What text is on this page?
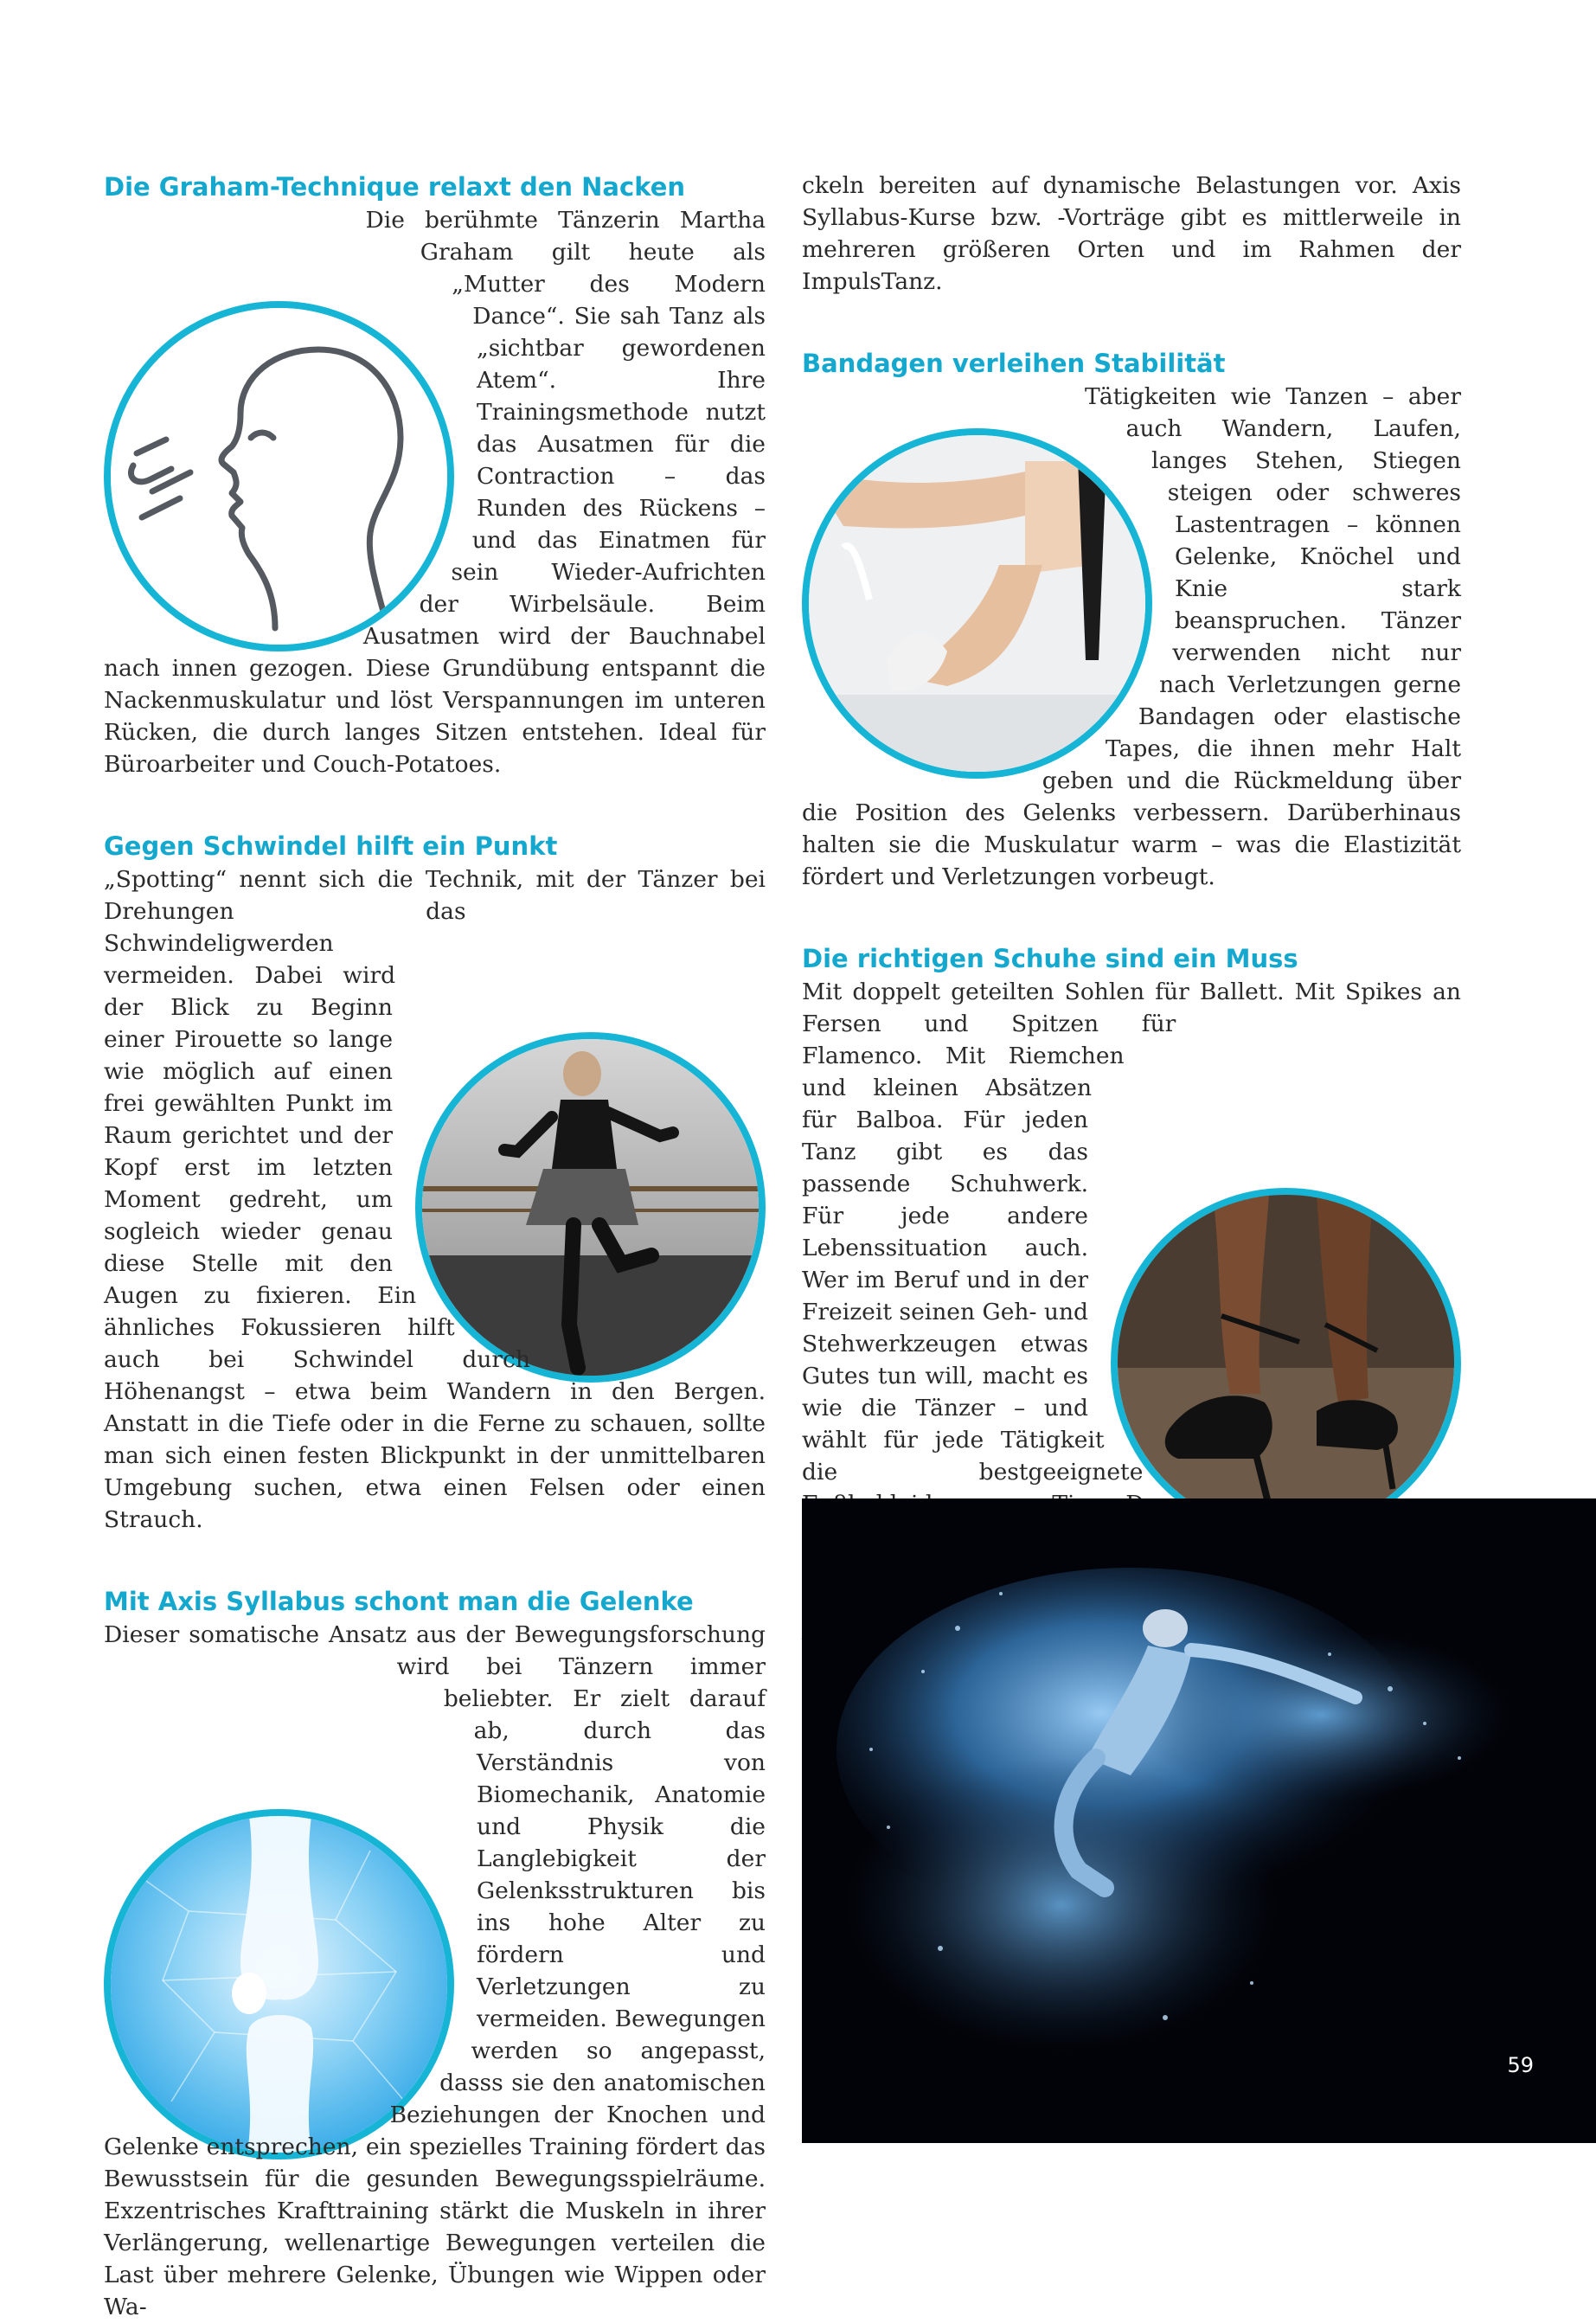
Die Graham-Technique relaxt den Nacken

Die berühmte Tänzerin Martha Graham gilt heute als „Mutter des Modern Dance“. Sie sah Tanz als „sichtbar gewordenen Atem“. Ihre Trainingsmethode nutzt das Ausatmen für die Contraction – das Runden des Rückens – und das Einatmen für sein Wieder-Aufrichten der Wirbelsäule. Beim Ausatmen wird der Bauchnabel nach innen gezogen. Diese Grundübung entspannt die Nackenmuskulatur und löst Verspannungen im unteren Rücken, die durch langes Sitzen entstehen. Ideal für Büroarbeiter und Couch-Potatoes.

Gegen Schwindel hilft ein Punkt

„Spotting“ nennt sich die Technik, mit der Tänzer bei Drehungen das Schwindeligwerden vermeiden. Dabei wird der Blick zu Beginn einer Pirouette so lange wie möglich auf einen frei gewählten Punkt im Raum gerichtet und der Kopf erst im letzten Moment gedreht, um sogleich wieder genau diese Stelle mit den Augen zu fixieren. Ein ähnliches Fokussieren hilft auch bei Schwindel durch Höhenangst – etwa beim Wandern in den Bergen. Anstatt in die Tiefe oder in die Ferne zu schauen, sollte man sich einen festen Blickpunkt in der unmittelbaren Umgebung suchen, etwa einen Felsen oder einen Strauch.

Mit Axis Syllabus schont man die Gelenke

Dieser somatische Ansatz aus der Bewegungsforschung wird bei Tänzern immer beliebter. Er zielt darauf ab, durch das Verständnis von Biomechanik, Anatomie und Physik die Langlebigkeit der Gelenksstrukturen bis ins hohe Alter zu fördern und Verletzungen zu vermeiden. Bewegungen werden so angepasst, dasss sie den anatomischen Beziehungen der Knochen und Gelenke entsprechen, ein spezielles Training fördert das Bewusstsein für die gesunden Bewegungsspielräume. Exzentrisches Krafttraining stärkt die Muskeln in ihrer Verlängerung, wellenartige Bewegungen verteilen die Last über mehrere Gelenke, Übungen wie Wippen oder Wa-

ckeln bereiten auf dynamische Belastungen vor. Axis Syllabus-Kurse bzw. -Vorträge gibt es mittlerweile in mehreren größeren Orten und im Rahmen der ImpulsTanz.

Bandagen verleihen Stabilität

Tätigkeiten wie Tanzen – aber auch Wandern, Laufen, langes Stehen, Stiegen steigen oder schweres Lastentragen – können Gelenke, Knöchel und Knie stark beanspruchen. Tänzer verwenden nicht nur nach Verletzungen gerne Bandagen oder elastische Tapes, die ihnen mehr Halt geben und die Rückmeldung über die Position des Gelenks verbessern. Darüberhinaus halten sie die Muskulatur warm – was die Elastizität fördert und Verletzungen vorbeugt.

Die richtigen Schuhe sind ein Muss

Mit doppelt geteilten Sohlen für Ballett. Mit Spikes an Fersen und Spitzen für Flamenco. Mit Riemchen und kleinen Absätzen für Balboa. Für jeden Tanz gibt es das passende Schuhwerk. Für jede andere Lebenssituation auch. Wer im Beruf und in der Freizeit seinen Geh- und Stehwerkzeugen etwas Gutes tun will, macht es wie die Tänzer – und wählt für jede Tätigkeit die bestgeeignete

59
